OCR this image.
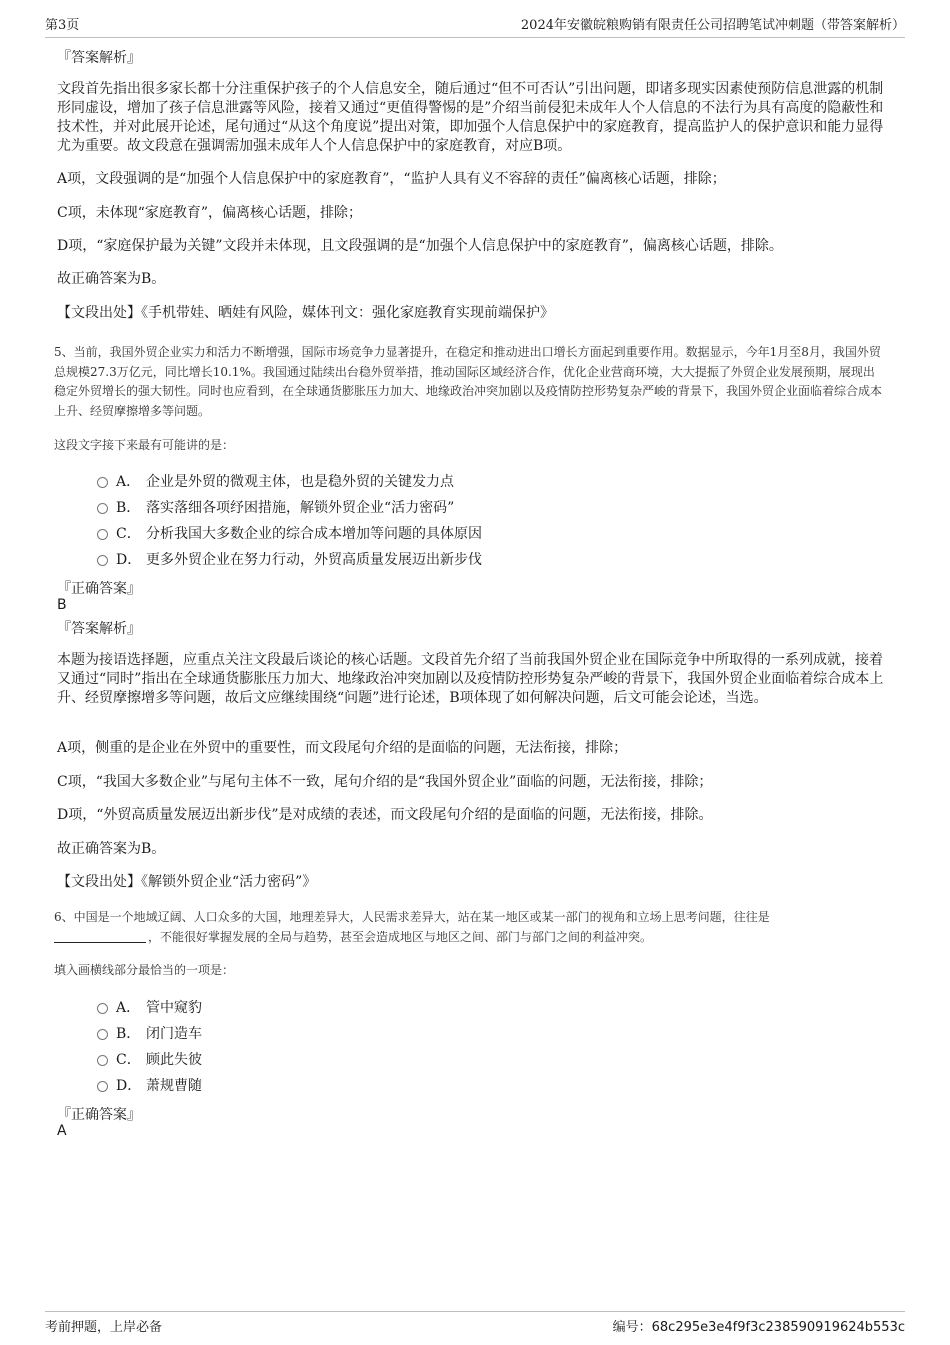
第3页	2024年安徽皖粮购销有限责任公司招聘笔试冲刺题（带答案解析）
『答案解析』

文段首先指出很多家长都十分注重保护孩子的个人信息安全，随后通过“但不可否认”引出问题，即诸多现实因素使预防信息泄露的机制形同虚设，增加了孩子信息泄露等风险，接着又通过“更值得警惕的是”介绍当前侵犯未成年人个人信息的不法行为具有高度的隐蔽性和技术性，并对此展开论述，尾句通过“从这个角度说”提出对策，即加强个人信息保护中的家庭教育，提高监护人的保护意识和能力显得尤为重要。故文段意在强调需加强未成年人个人信息保护中的家庭教育，对应B项。

A项，文段强调的是“加强个人信息保护中的家庭教育”，“监护人具有义不容辞的责任”偏离核心话题，排除；

C项，未体现“家庭教育”，偏离核心话题，排除；

D项，“家庭保护最为关键”文段并未体现，且文段强调的是“加强个人信息保护中的家庭教育”，偏离核心话题，排除。

故正确答案为B。

【文段出处】《手机带娃、晒娃有风险，媒体刊文：强化家庭教育实现前端保护》

5、当前，我国外贸企业实力和活力不断增强，国际市场竞争力显著提升，在稳定和推动进出口增长方面起到重要作用。数据显示，今年1月至8月，我国外贸总规模27.3万亿元，同比增长10.1%。我国通过陆续出台稳外贸举措，推动国际区域经济合作，优化企业营商环境，大大提振了外贸企业发展预期，展现出稳定外贸增长的强大韧性。同时也应看到，在全球通货膨胀压力加大、地缘政治冲突加剧以及疫情防控形势复杂严峻的背景下，我国外贸企业面临着综合成本上升、经贸摩擦增多等问题。

这段文字接下来最有可能讲的是：

A． 企业是外贸的微观主体，也是稳外贸的关键发力点
B． 落实落细各项纾困措施，解锁外贸企业“活力密码”
C． 分析我国大多数企业的综合成本增加等问题的具体原因
D． 更多外贸企业在努力行动，外贸高质量发展迈出新步伐
『正确答案』
B
『答案解析』

本题为接语选择题，应重点关注文段最后谈论的核心话题。文段首先介绍了当前我国外贸企业在国际竞争中所取得的一系列成就，接着又通过“同时”指出在全球通货膨胀压力加大、地缘政治冲突加剧以及疫情防控形势复杂严峻的背景下，我国外贸企业面临着综合成本上升、经贸摩擦增多等问题，故后文应继续围绕“问题”进行论述，B项体现了如何解决问题，后文可能会论述，当选。

A项，侧重的是企业在外贸中的重要性，而文段尾句介绍的是面临的问题，无法衔接，排除；

C项，“我国大多数企业”与尾句主体不一致，尾句介绍的是“我国外贸企业”面临的问题，无法衔接，排除；

D项，“外贸高质量发展迈出新步伐”是对成绩的表述，而文段尾句介绍的是面临的问题，无法衔接，排除。

故正确答案为B。

【文段出处】《解锁外贸企业“活力密码”》

6、中国是一个地域辽阔、人口众多的大国，地理差异大，人民需求差异大，站在某一地区或某一部门的视角和立场上思考问题，往往是
，不能很好掌握发展的全局与趋势，甚至会造成地区与地区之间、部门与部门之间的利益冲突。

填入画横线部分最恰当的一项是：

A． 管中窥豹
B． 闭门造车
C． 顾此失彼
D． 萧规曹随
『正确答案』
A
考前押题，上岸必备	编号：68c295e3e4f9f3c238590919624b553c
